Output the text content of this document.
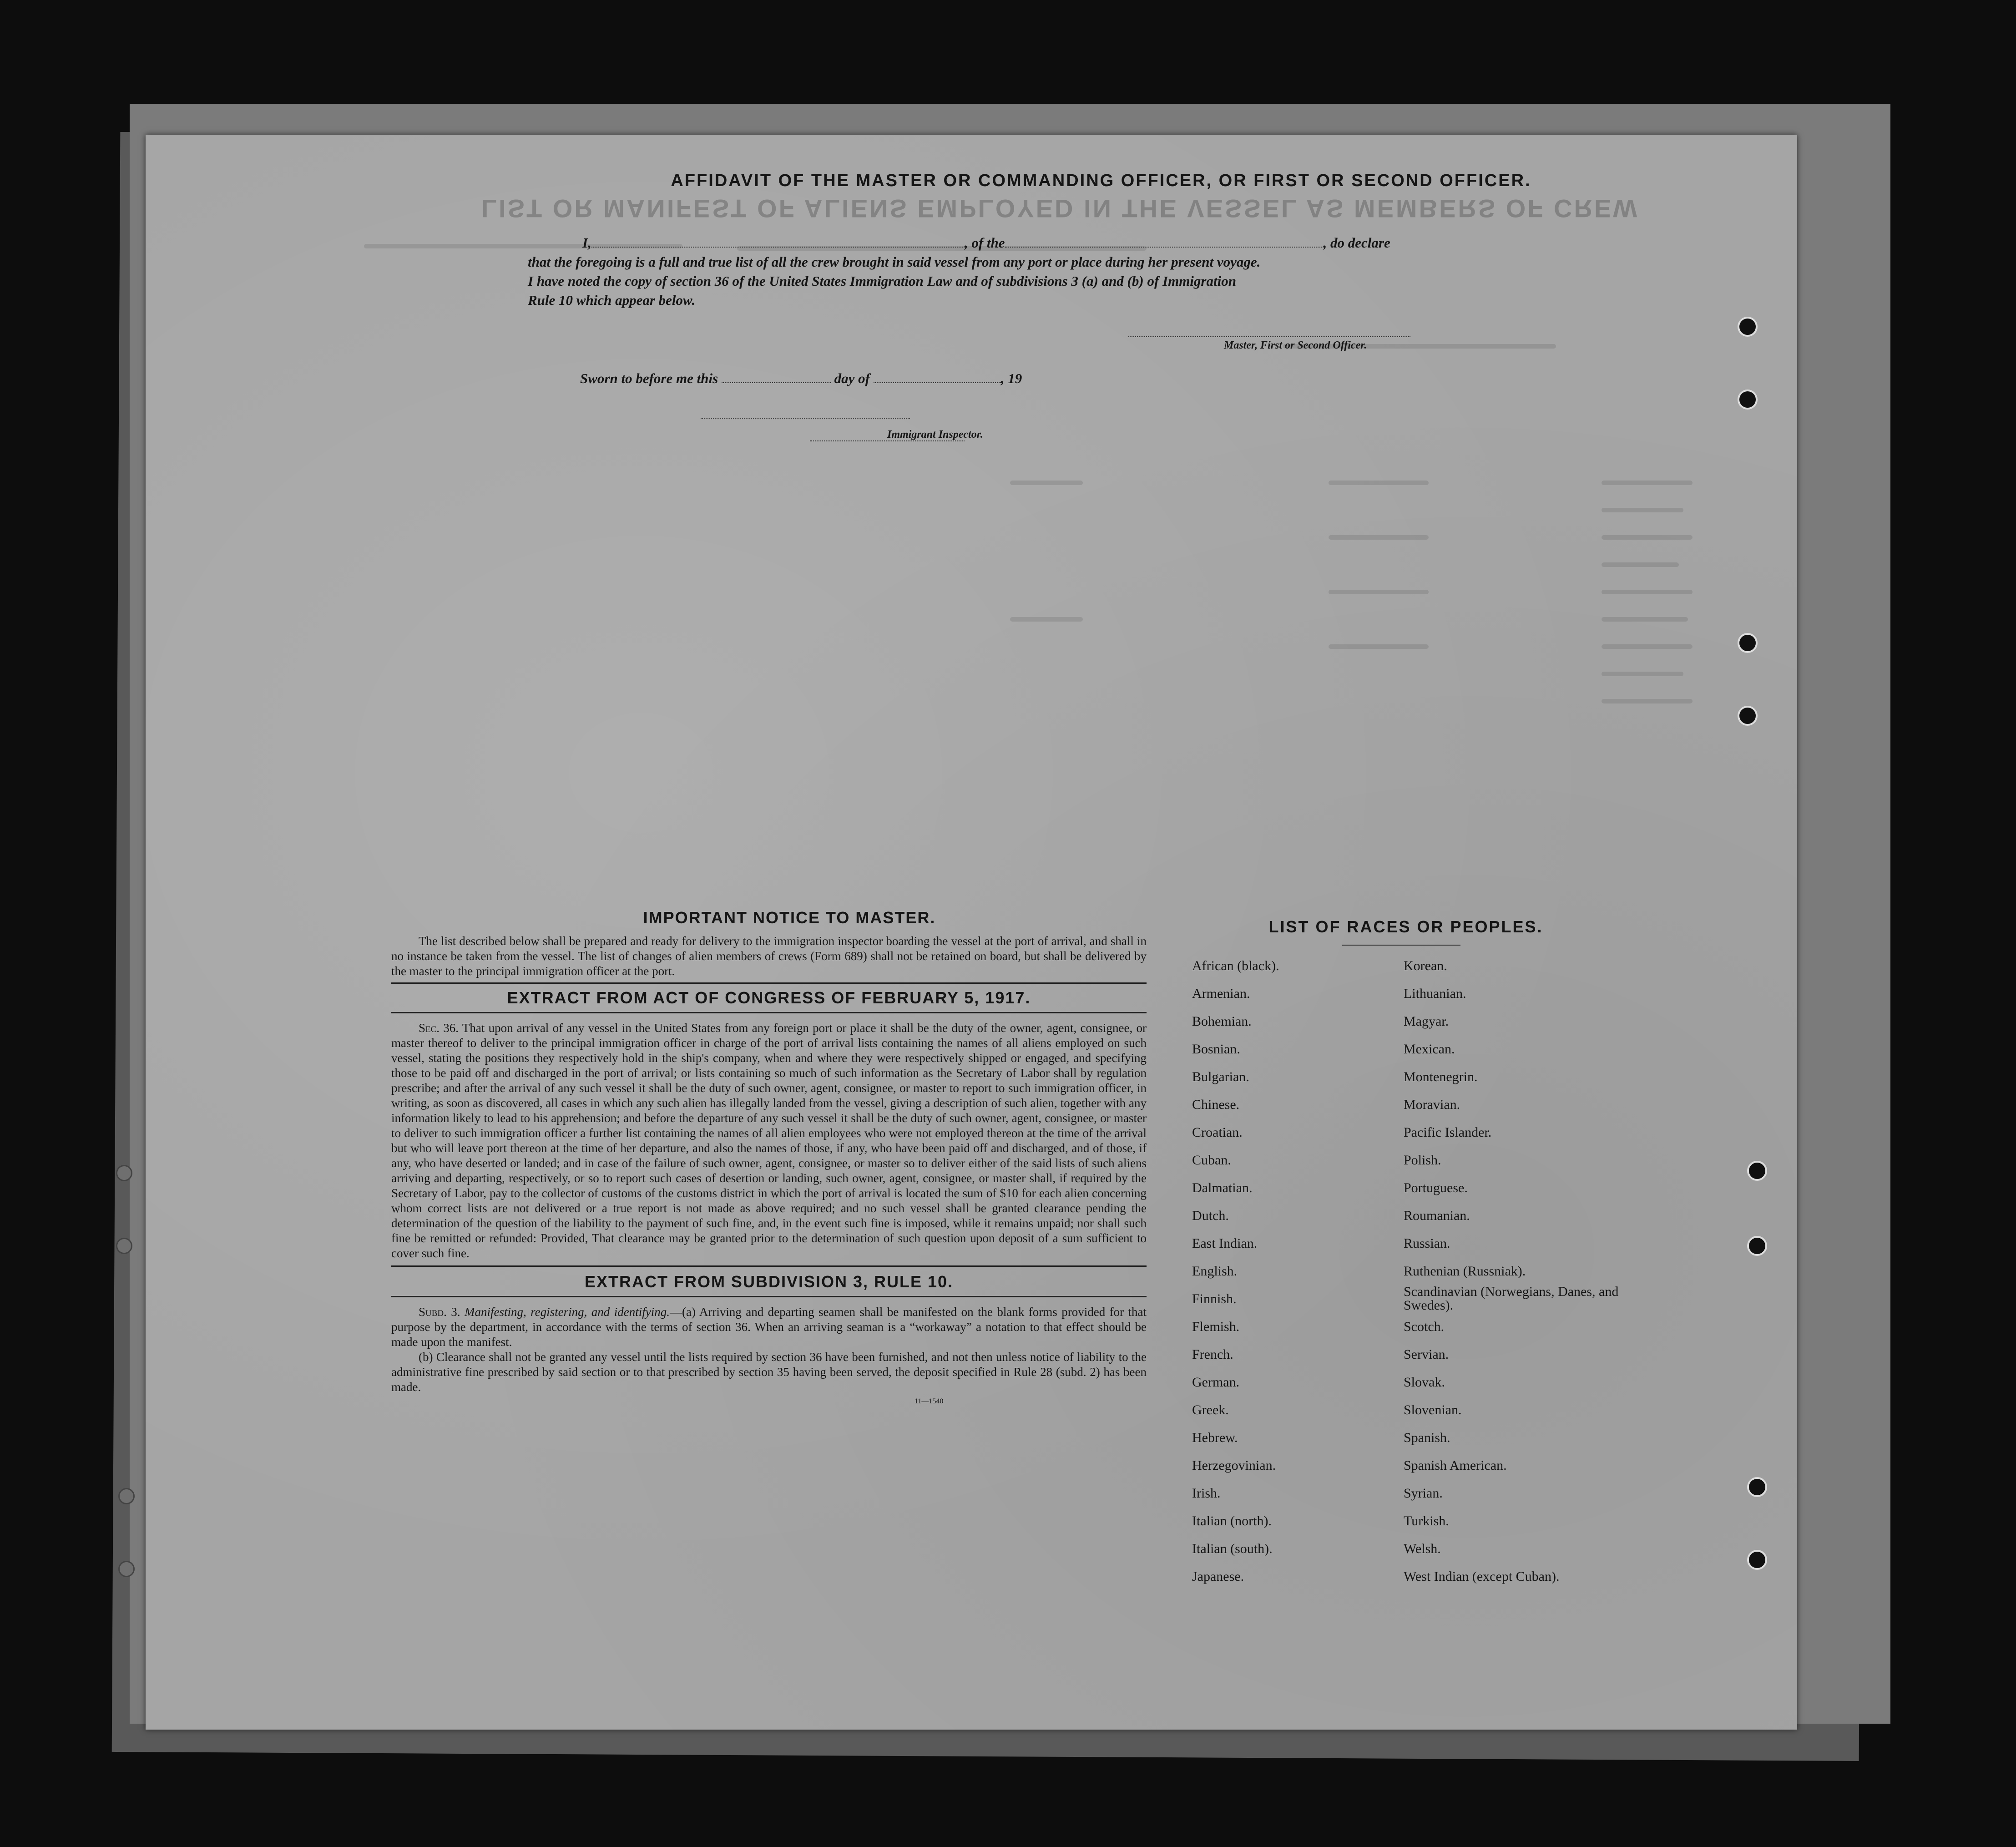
LIST OR MANIFEST OF ALIENS EMPLOYED IN THE VESSEL AS MEMBERS OF CREW
AFFIDAVIT OF THE MASTER OR COMMANDING OFFICER, OR FIRST OR SECOND OFFICER.
I,	, of the	, do declare
that the foregoing is a full and true list of all the crew brought in said vessel from any port or place during her present voyage.
I have noted the copy of section 36 of the United States Immigration Law and of subdivisions 3 (a) and (b) of Immigration
Rule 10 which appear below.
Master, First or Second Officer.
Sworn to before me this	day of	, 19
Immigrant Inspector.
IMPORTANT NOTICE TO MASTER.

The list described below shall be prepared and ready for delivery to the immigration inspector boarding the vessel at the port of arrival, and shall in no instance be taken from the vessel. The list of changes of alien members of crews (Form 689) shall not be retained on board, but shall be delivered by the master to the principal immigration officer at the port.

EXTRACT FROM ACT OF CONGRESS OF FEBRUARY 5, 1917.

Sec. 36. That upon arrival of any vessel in the United States from any foreign port or place it shall be the duty of the owner, agent, consignee, or master thereof to deliver to the principal immigration officer in charge of the port of arrival lists containing the names of all aliens employed on such vessel, stating the positions they respectively hold in the ship's company, when and where they were respectively shipped or engaged, and specifying those to be paid off and discharged in the port of arrival; or lists containing so much of such information as the Secretary of Labor shall by regulation prescribe; and after the arrival of any such vessel it shall be the duty of such owner, agent, consignee, or master to report to such immigration officer, in writing, as soon as discovered, all cases in which any such alien has illegally landed from the vessel, giving a description of such alien, together with any information likely to lead to his apprehension; and before the departure of any such vessel it shall be the duty of such owner, agent, consignee, or master to deliver to such immigration officer a further list containing the names of all alien employees who were not employed thereon at the time of the arrival but who will leave port thereon at the time of her departure, and also the names of those, if any, who have been paid off and discharged, and of those, if any, who have deserted or landed; and in case of the failure of such owner, agent, consignee, or master so to deliver either of the said lists of such aliens arriving and departing, respectively, or so to report such cases of desertion or landing, such owner, agent, consignee, or master shall, if required by the Secretary of Labor, pay to the collector of customs of the customs district in which the port of arrival is located the sum of $10 for each alien concerning whom correct lists are not delivered or a true report is not made as above required; and no such vessel shall be granted clearance pending the determination of the question of the liability to the payment of such fine, and, in the event such fine is imposed, while it remains unpaid; nor shall such fine be remitted or refunded: Provided, That clearance may be granted prior to the determination of such question upon deposit of a sum sufficient to cover such fine.

EXTRACT FROM SUBDIVISION 3, RULE 10.

Subd. 3. Manifesting, registering, and identifying.—(a) Arriving and departing seamen shall be manifested on the blank forms provided for that purpose by the department, in accordance with the terms of section 36. When an arriving seaman is a “workaway” a notation to that effect should be made upon the manifest.

(b) Clearance shall not be granted any vessel until the lists required by section 36 have been furnished, and not then unless notice of liability to the administrative fine prescribed by said section or to that prescribed by section 35 having been served, the deposit specified in Rule 28 (subd. 2) has been made.

11—1540
LIST OF RACES OR PEOPLES.
African (black).
Armenian.
Bohemian.
Bosnian.
Bulgarian.
Chinese.
Croatian.
Cuban.
Dalmatian.
Dutch.
East Indian.
English.
Finnish.
Flemish.
French.
German.
Greek.
Hebrew.
Herzegovinian.
Irish.
Italian (north).
Italian (south).
Japanese.
Korean.
Lithuanian.
Magyar.
Mexican.
Montenegrin.
Moravian.
Pacific Islander.
Polish.
Portuguese.
Roumanian.
Russian.
Ruthenian (Russniak).
Scandinavian (Norwegians, Danes, and Swedes).
Scotch.
Servian.
Slovak.
Slovenian.
Spanish.
Spanish American.
Syrian.
Turkish.
Welsh.
West Indian (except Cuban).
